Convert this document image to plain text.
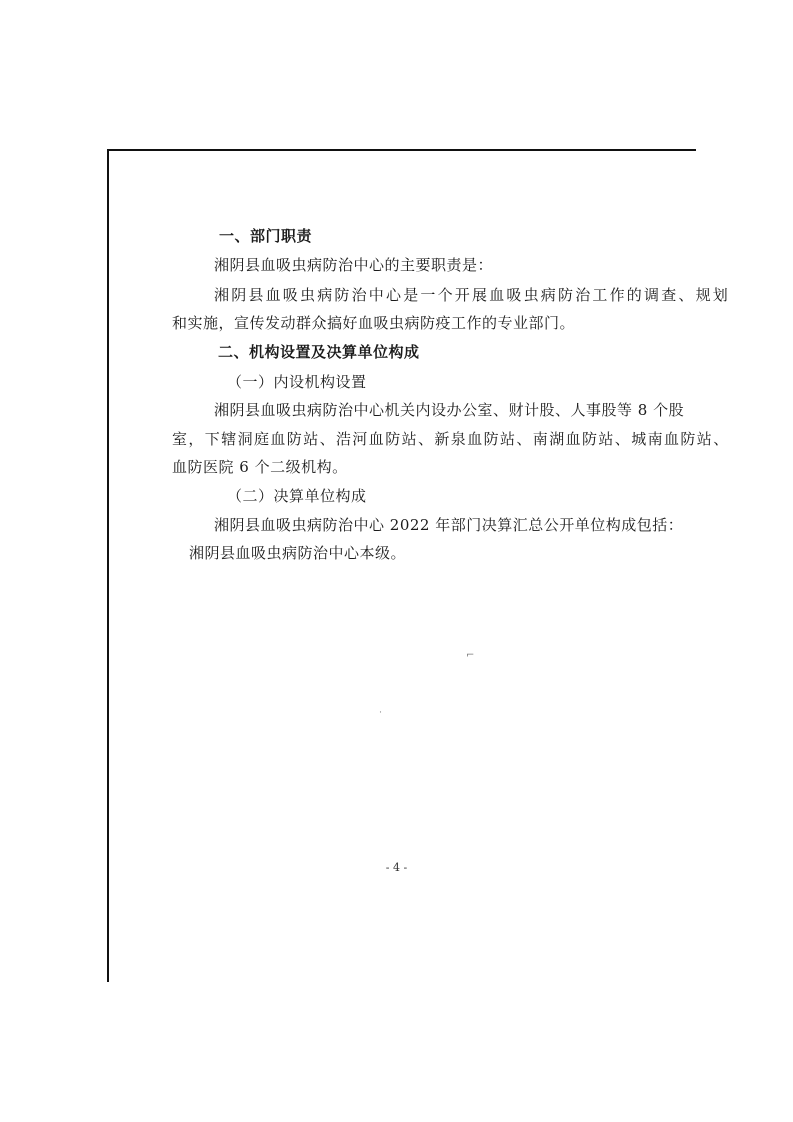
一、部门职责
湘阴县血吸虫病防治中心的主要职责是：
湘阴县血吸虫病防治中心是一个开展血吸虫病防治工作的调查、规划
和实施，宣传发动群众搞好血吸虫病防疫工作的专业部门。
二、机构设置及决算单位构成
（一）内设机构设置
湘阴县血吸虫病防治中心机关内设办公室、财计股、人事股等 8 个股
室，下辖洞庭血防站、浩河血防站、新泉血防站、南湖血防站、城南血防站、
血防医院 6 个二级机构。
（二）决算单位构成
湘阴县血吸虫病防治中心 2022 年部门决算汇总公开单位构成包括：
湘阴县血吸虫病防治中心本级。
⌐
˙
- 4 -
